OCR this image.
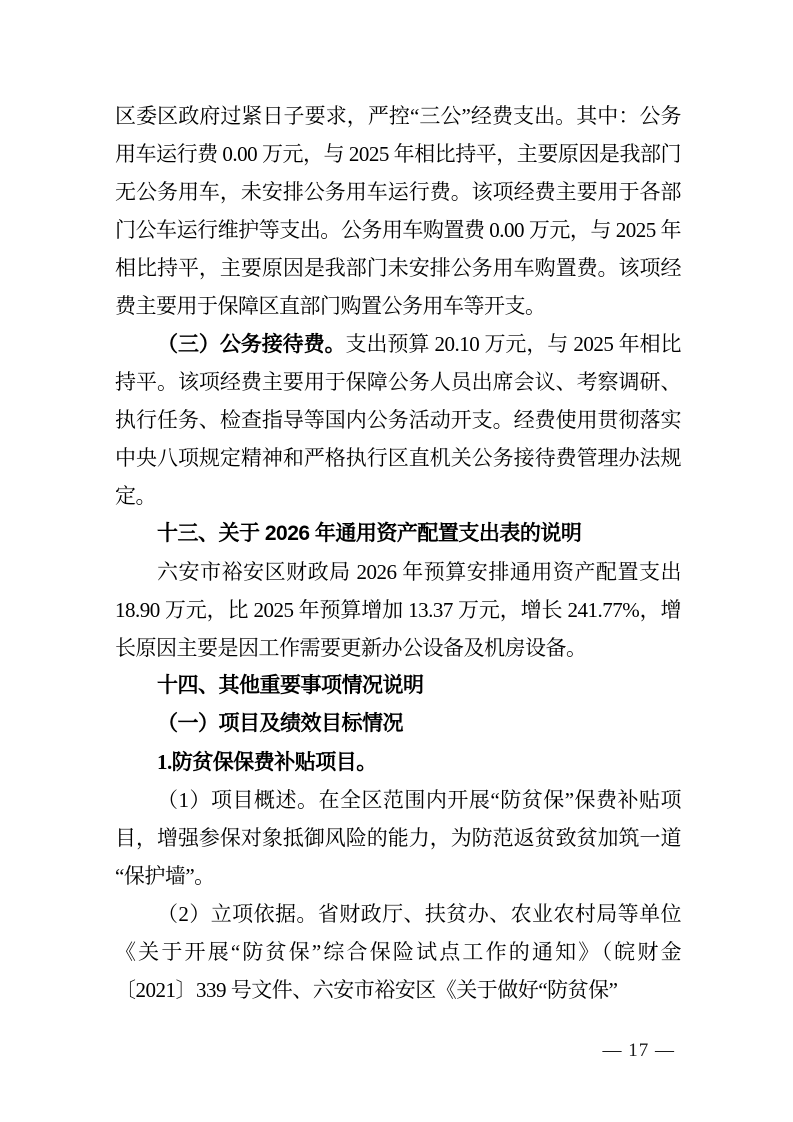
区委区政府过紧日子要求，严控“三公”经费支出。其中：公务用车运行费 0.00 万元，与 2025 年相比持平，主要原因是我部门无公务用车，未安排公务用车运行费。该项经费主要用于各部门公车运行维护等支出。公务用车购置费 0.00 万元，与 2025 年相比持平，主要原因是我部门未安排公务用车购置费。该项经费主要用于保障区直部门购置公务用车等开支。

（三）公务接待费。支出预算 20.10 万元，与 2025 年相比持平。该项经费主要用于保障公务人员出席会议、考察调研、执行任务、检查指导等国内公务活动开支。经费使用贯彻落实中央八项规定精神和严格执行区直机关公务接待费管理办法规定。

十三、关于 2026 年通用资产配置支出表的说明

六安市裕安区财政局 2026 年预算安排通用资产配置支出 18.90 万元，比 2025 年预算增加 13.37 万元，增长 241.77%，增长原因主要是因工作需要更新办公设备及机房设备。

十四、其他重要事项情况说明
（一）项目及绩效目标情况
1.防贫保保费补贴项目。

（1）项目概述。在全区范围内开展“防贫保”保费补贴项目，增强参保对象抵御风险的能力，为防范返贫致贫加筑一道“保护墙”。

（2）立项依据。省财政厅、扶贫办、农业农村局等单位《关于开展“防贫保”综合保险试点工作的通知》（皖财金〔2021〕339 号文件、六安市裕安区《关于做好“防贫保”

— 17 —
